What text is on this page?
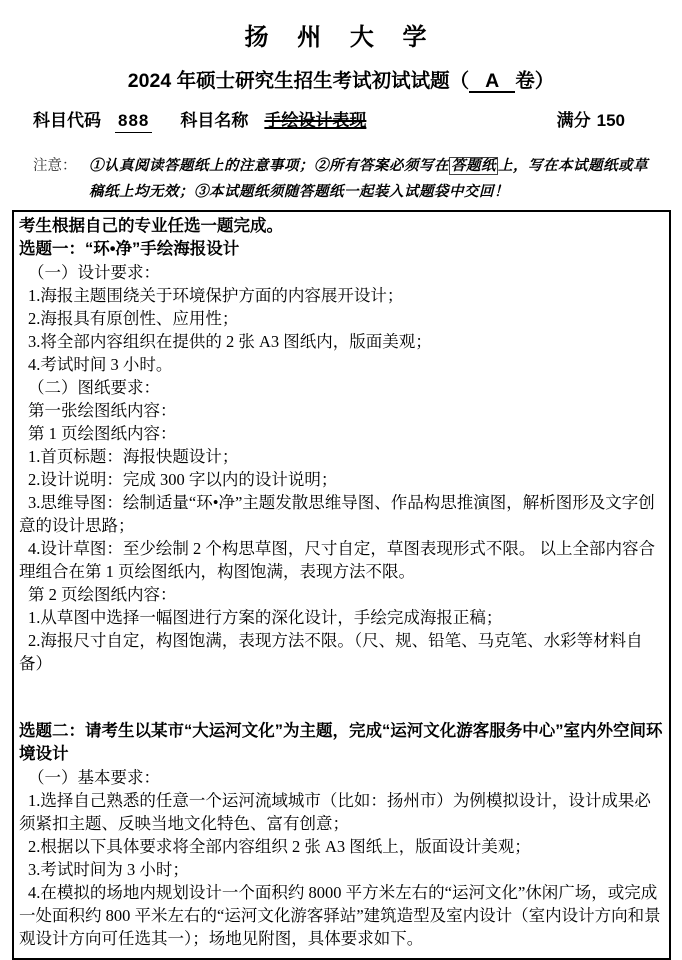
扬 州 大 学
2024 年硕士研究生招生考试初试试题（ A 卷）
科目代码 888 科目名称 手绘设计表现	满分 150
注意： ①认真阅读答题纸上的注意事项；②所有答案必须写在 答题纸 上，写在本试题纸或草稿纸上均无效；③本试题纸须随答题纸一起装入试题袋中交回！

考生根据自己的专业任选一题完成。

选题一：“环•净”手绘海报设计

（一）设计要求：

1.海报主题围绕关于环境保护方面的内容展开设计；

2.海报具有原创性、应用性；

3.将全部内容组织在提供的 2 张 A3 图纸内，版面美观；

4.考试时间 3 小时。

（二）图纸要求：

第一张绘图纸内容：

第 1 页绘图纸内容：

1.首页标题：海报快题设计；

2.设计说明：完成 300 字以内的设计说明；

3.思维导图：绘制适量“环•净”主题发散思维导图、作品构思推演图，解析图形及文字创意的设计思路；

4.设计草图：至少绘制 2 个构思草图，尺寸自定，草图表现形式不限。 以上全部内容合理组合在第 1 页绘图纸内，构图饱满，表现方法不限。

第 2 页绘图纸内容：

1.从草图中选择一幅图进行方案的深化设计，手绘完成海报正稿；

2.海报尺寸自定，构图饱满，表现方法不限。（尺、规、铅笔、马克笔、水彩等材料自备）

选题二：请考生以某市“大运河文化”为主题，完成“运河文化游客服务中心”室内外空间环境设计

（一）基本要求：

1.选择自己熟悉的任意一个运河流域城市（比如：扬州市）为例模拟设计，设计成果必须紧扣主题、反映当地文化特色、富有创意；

2.根据以下具体要求将全部内容组织 2 张 A3 图纸上，版面设计美观；

3.考试时间为 3 小时；

4.在模拟的场地内规划设计一个面积约 8000 平方米左右的“运河文化”休闲广场，或完成一处面积约 800 平米左右的“运河文化游客驿站”建筑造型及室内设计（室内设计方向和景观设计方向可任选其一）；场地见附图，具体要求如下。
